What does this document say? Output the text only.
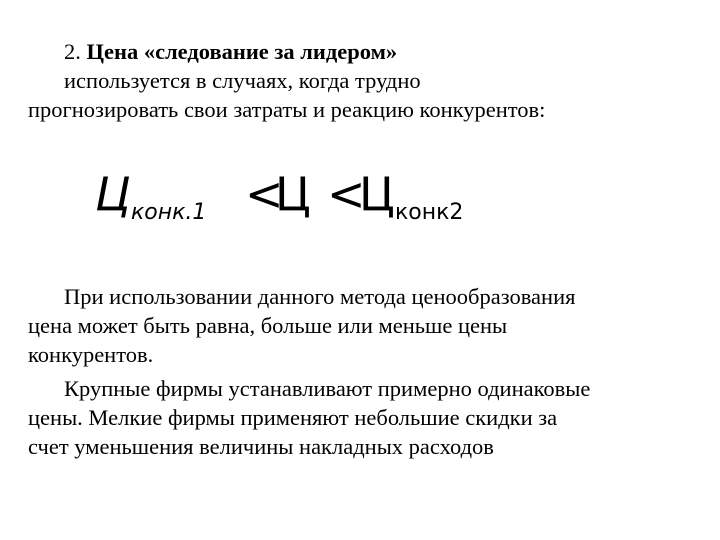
2. Цена «следование за лидером»
используется в случаях, когда трудно
прогнозировать свои затраты и реакцию конкурентов:
Ц конк.1 <
Ц <
Ц конк2
При использовании данного метода ценообразования
цена может быть равна, больше или меньше цены
конкурентов.
Крупные фирмы устанавливают примерно одинаковые
цены. Мелкие фирмы применяют небольшие скидки за
счет уменьшения величины накладных расходов
